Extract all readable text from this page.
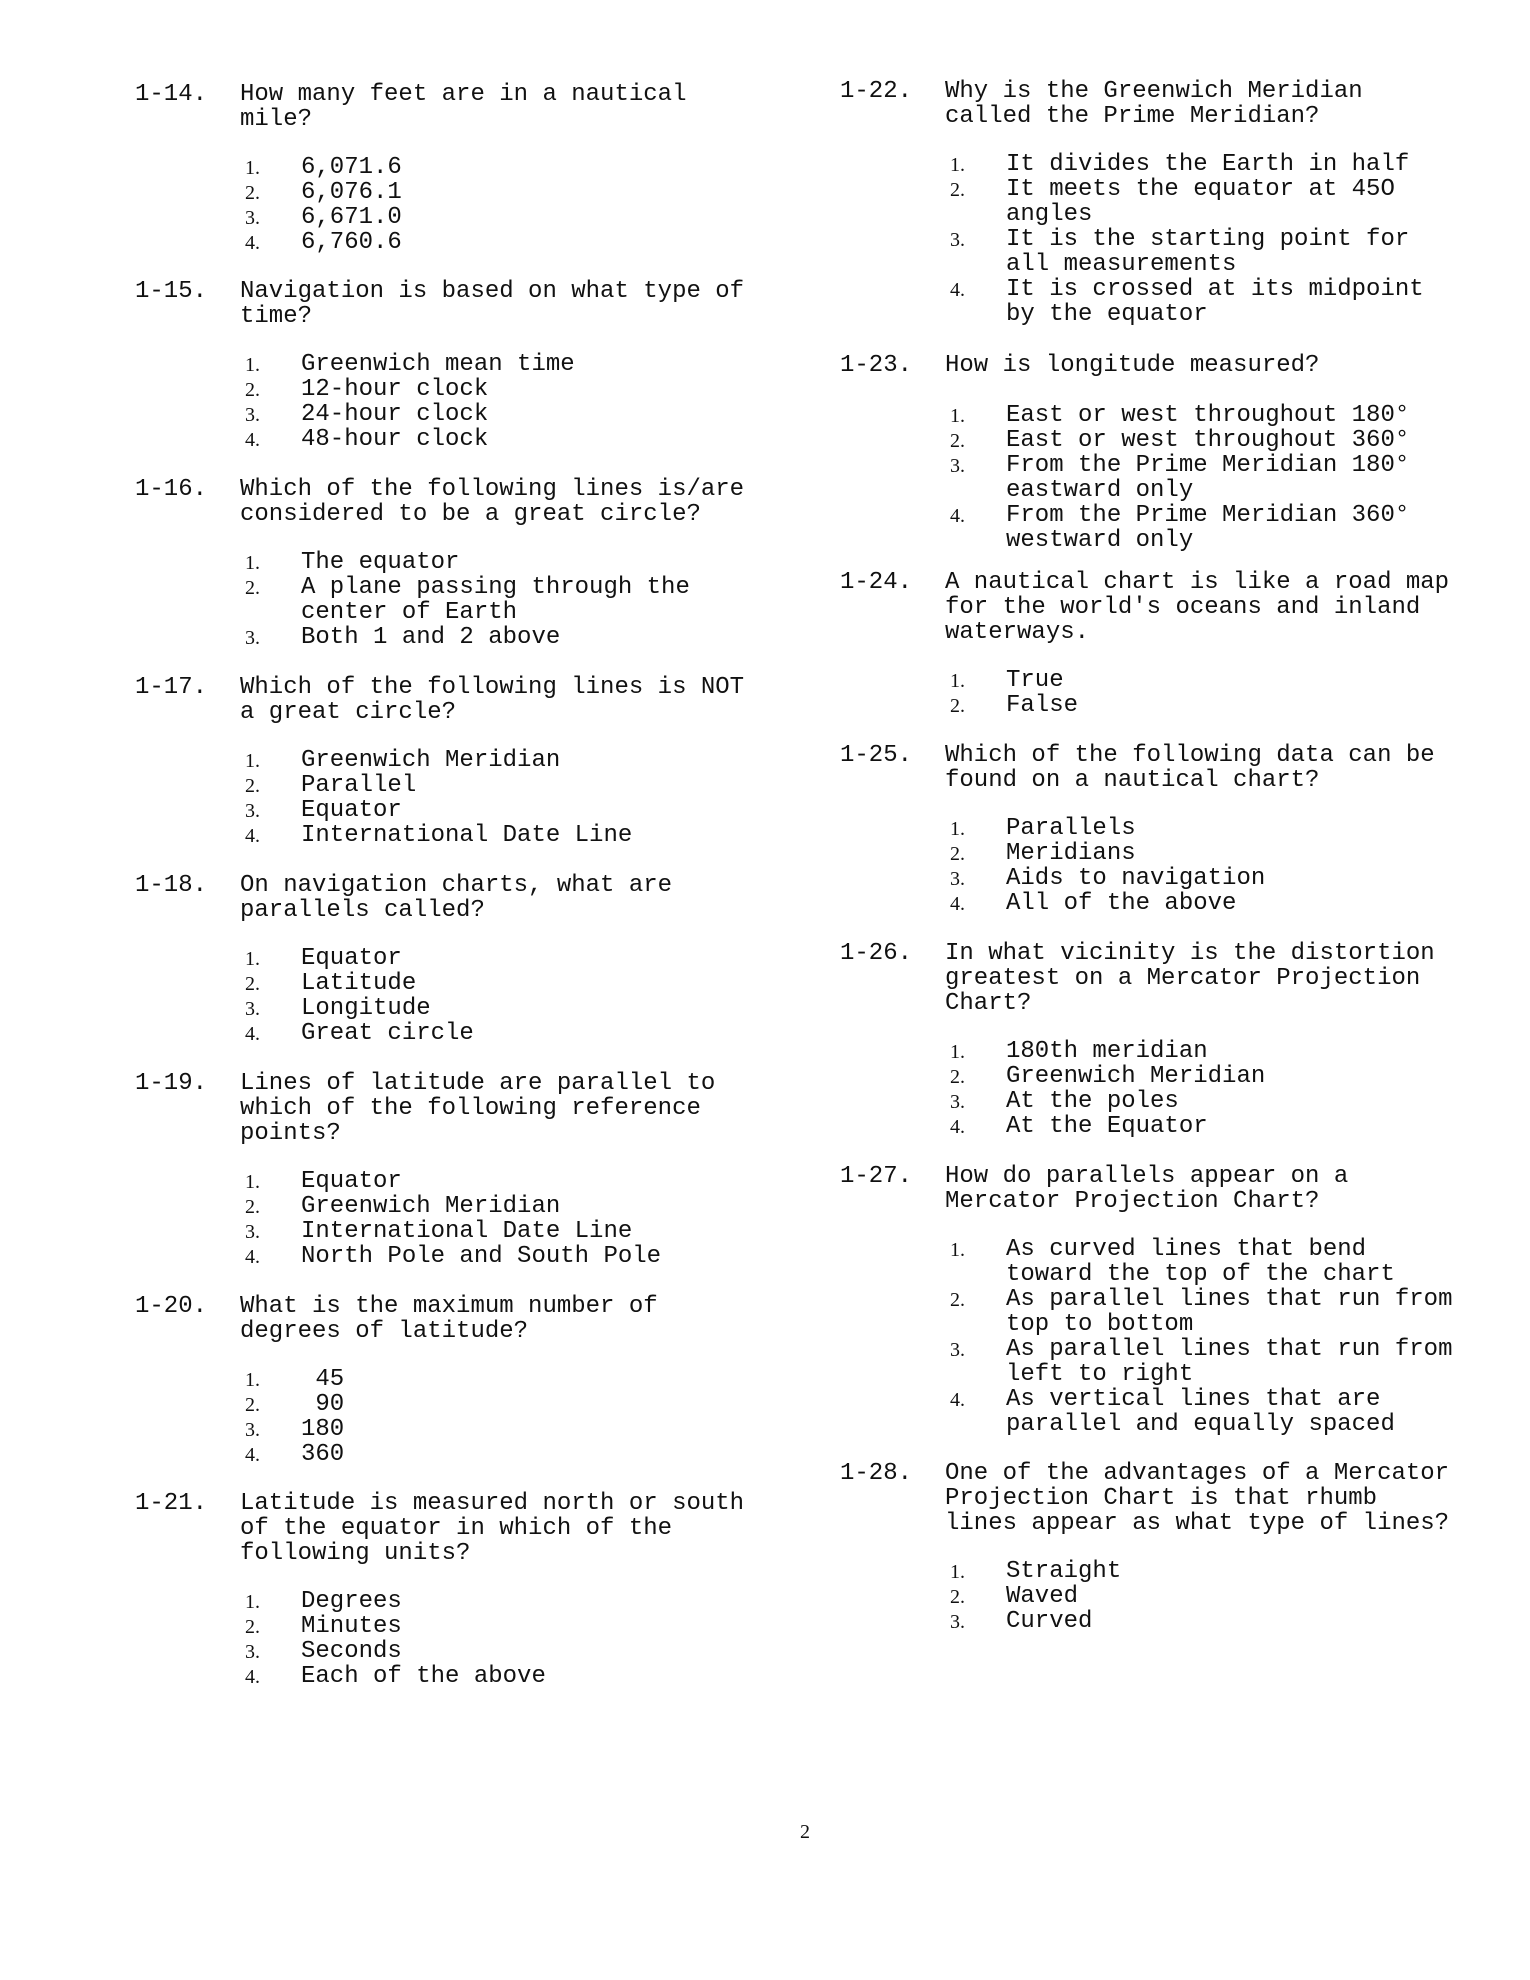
1-14. How many feet are in a nautical
mile?
1. 6,071.6
2. 6,076.1
3. 6,671.0
4. 6,760.6
1-15. Navigation is based on what type of
time?
1. Greenwich mean time
2. 12-hour clock
3. 24-hour clock
4. 48-hour clock
1-16. Which of the following lines is/are
considered to be a great circle?
1. The equator
2. A plane passing through the
center of Earth
3. Both 1 and 2 above
1-17. Which of the following lines is NOT
a great circle?
1. Greenwich Meridian
2. Parallel
3. Equator
4. International Date Line
1-18. On navigation charts, what are
parallels called?
1. Equator
2. Latitude
3. Longitude
4. Great circle
1-19. Lines of latitude are parallel to
which of the following reference
points?
1. Equator
2. Greenwich Meridian
3. International Date Line
4. North Pole and South Pole
1-20. What is the maximum number of
degrees of latitude?
1. 45
2. 90
3. 180
4. 360
1-21. Latitude is measured north or south
of the equator in which of the
following units?
1. Degrees
2. Minutes
3. Seconds
4. Each of the above
1-22. Why is the Greenwich Meridian
called the Prime Meridian?
1. It divides the Earth in half
2. It meets the equator at 45O
angles
3. It is the starting point for
all measurements
4. It is crossed at its midpoint
by the equator
1-23. How is longitude measured?
1. East or west throughout 180°
2. East or west throughout 360°
3. From the Prime Meridian 180°
eastward only
4. From the Prime Meridian 360°
westward only
1-24. A nautical chart is like a road map
for the world's oceans and inland
waterways.
1. True
2. False
1-25. Which of the following data can be
found on a nautical chart?
1. Parallels
2. Meridians
3. Aids to navigation
4. All of the above
1-26. In what vicinity is the distortion
greatest on a Mercator Projection
Chart?
1. 180th meridian
2. Greenwich Meridian
3. At the poles
4. At the Equator
1-27. How do parallels appear on a
Mercator Projection Chart?
1. As curved lines that bend
toward the top of the chart
2. As parallel lines that run from
top to bottom
3. As parallel lines that run from
left to right
4. As vertical lines that are
parallel and equally spaced
1-28. One of the advantages of a Mercator
Projection Chart is that rhumb
lines appear as what type of lines?
1. Straight
2. Waved
3. Curved
2
